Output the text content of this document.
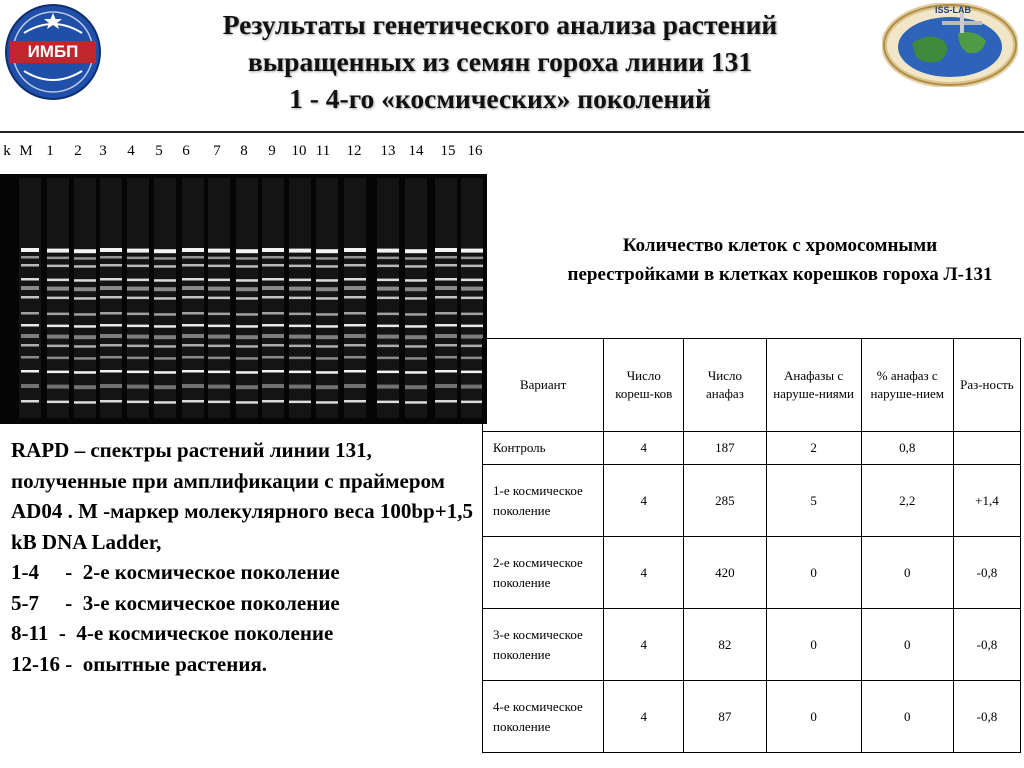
ИМБП
ISS-LAB
Результаты генетического анализа растений
выращенных из семян гороха линии 131
1 - 4-го «космических» поколений
k M 1 2 3 4 5 6 7 8 9 10 11 12 13 14 15 16

RAPD – спектры растений линии 131, полученные при амплификации с праймером AD04 . М -маркер молекулярного веса 100bp+1,5 kB DNA Ladder,

1-4     -  2-е космическое поколение
5-7     -  3-е космическое поколение
8-11  -  4-е космическое поколение
12-16 -  опытные растения.
Количество клеток с хромосомными перестройками в клетках корешков гороха Л-131
Вариант	Число кореш-ков	Число анафаз	Анафазы с наруше-ниями	% анафаз с наруше-нием	Раз-ность
Контроль	4	187	2	0,8	
1-е космическое поколение	4	285	5	2,2	+1,4
2-е космическое поколение	4	420	0	0	-0,8
3-е космическое поколение	4	82	0	0	-0,8
4-е космическое поколение	4	87	0	0	-0,8
